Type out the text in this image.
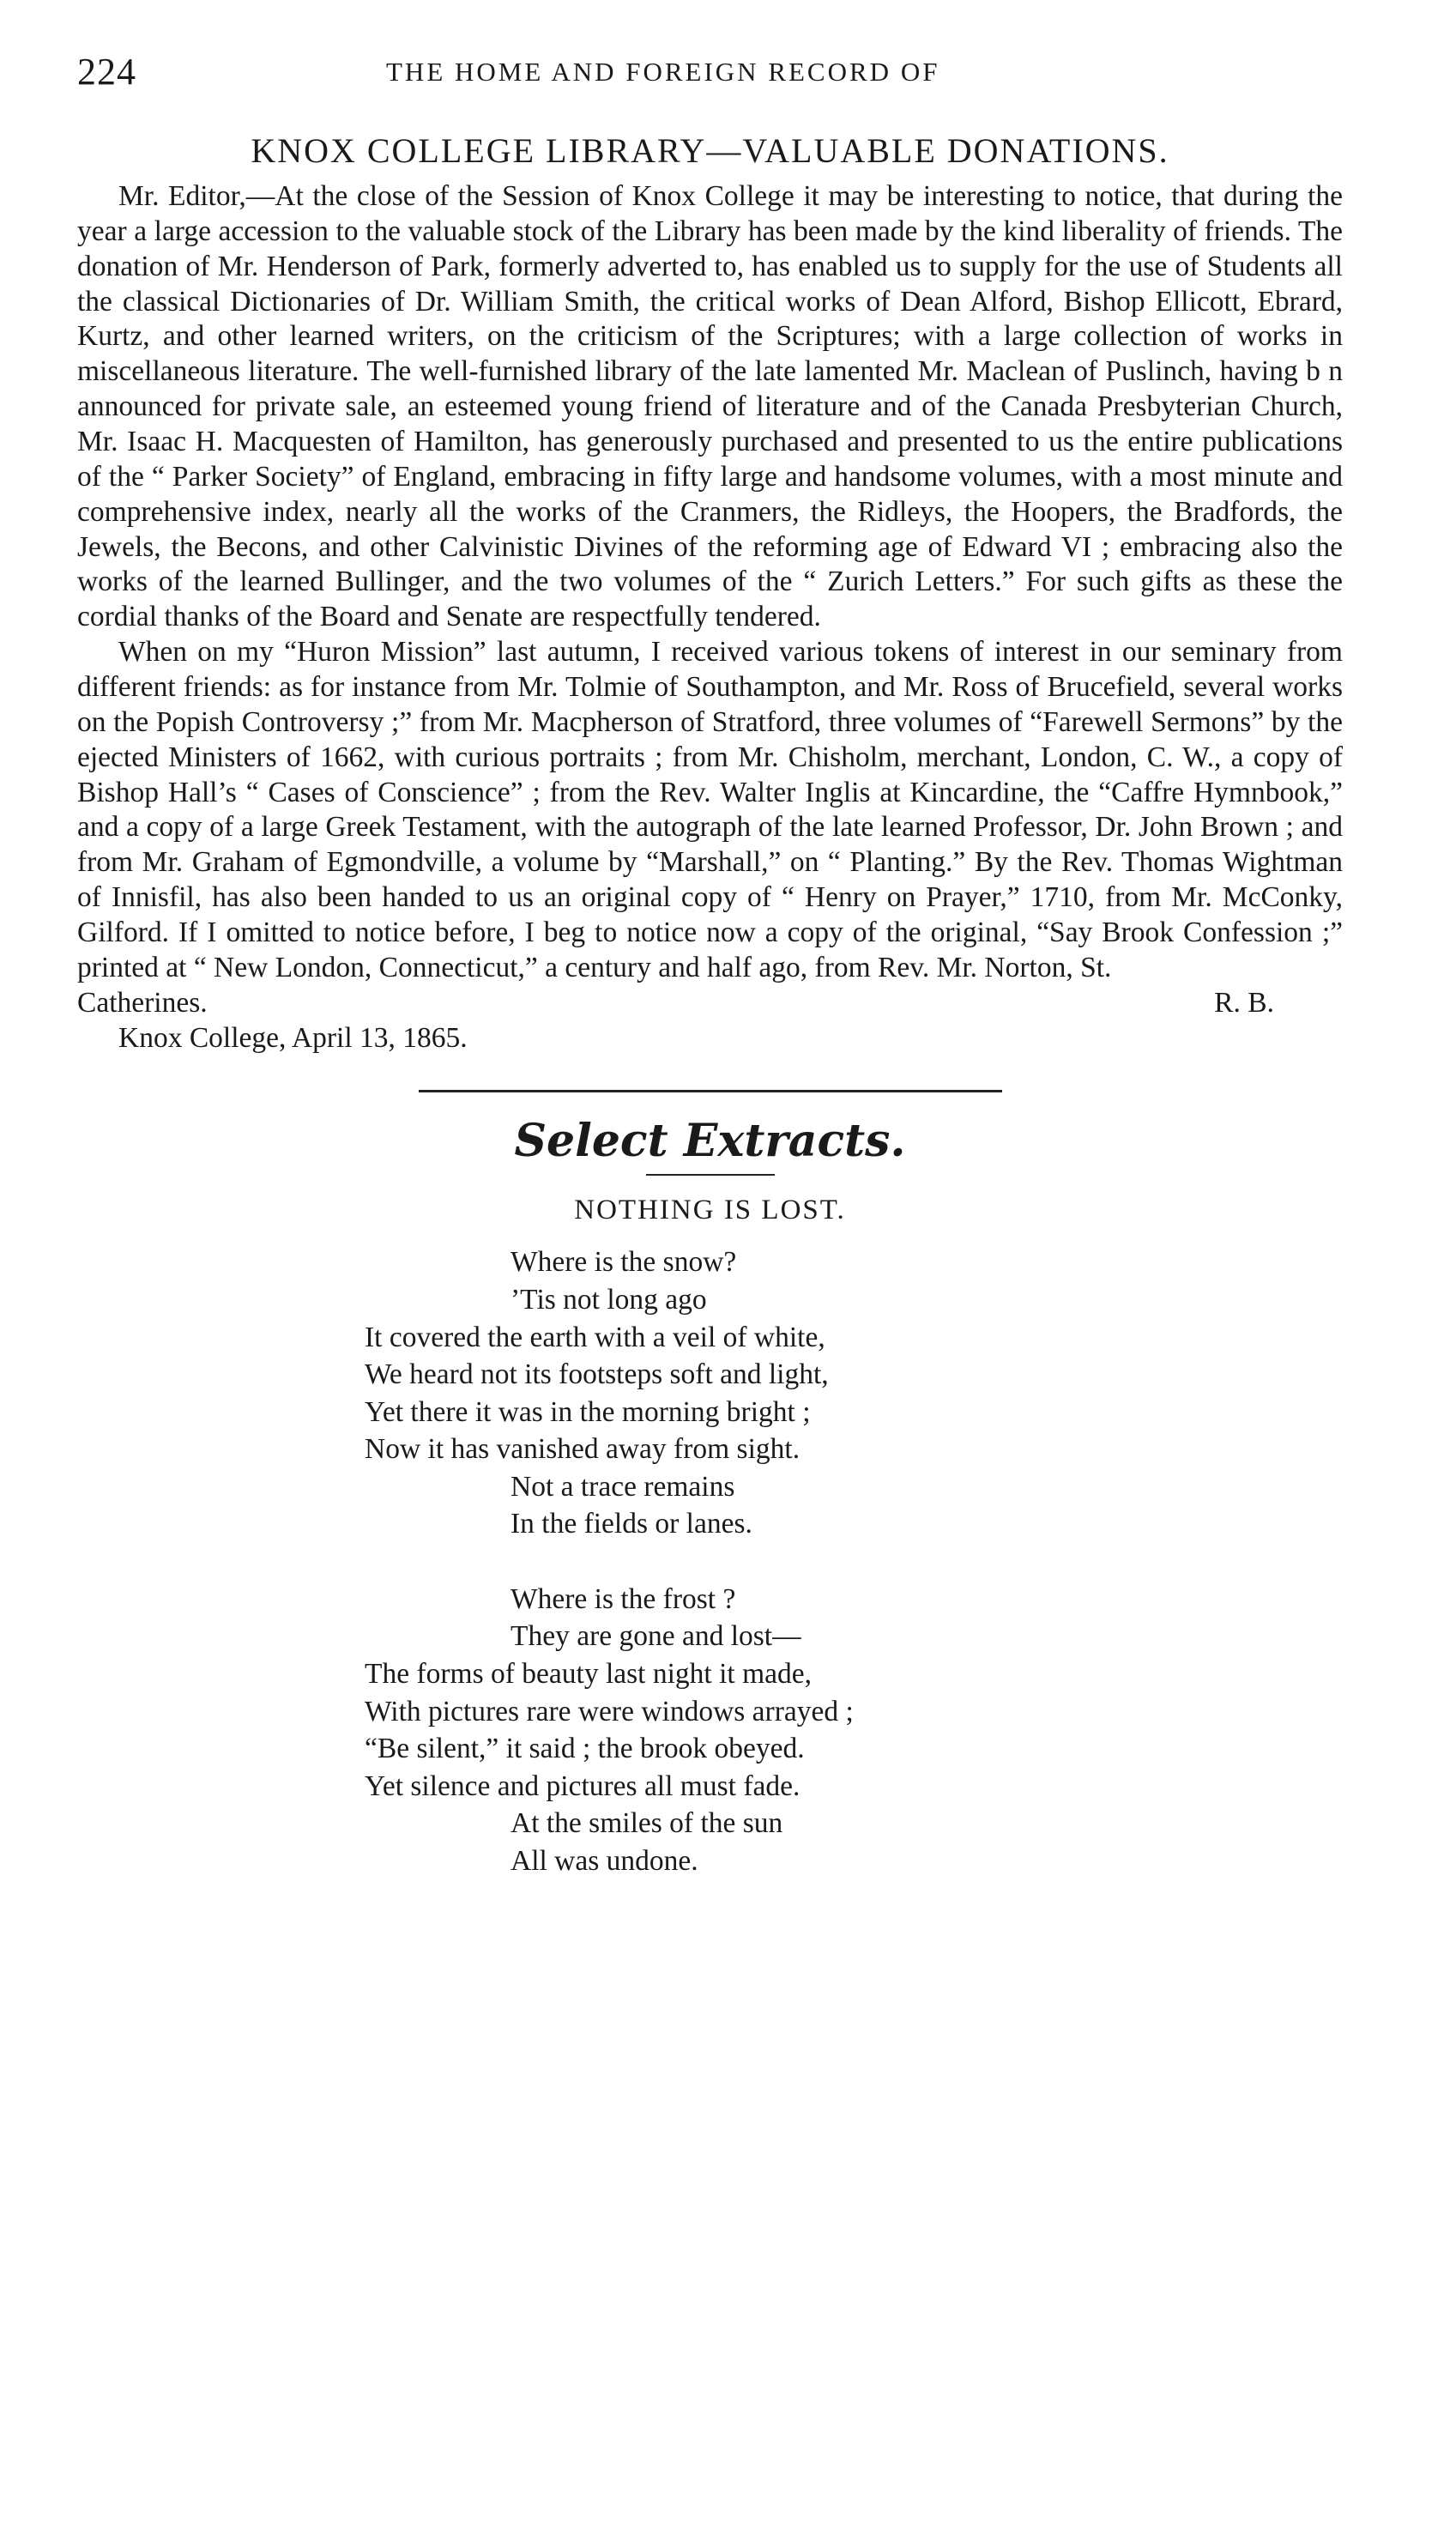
224	THE HOME AND FOREIGN RECORD OF
KNOX COLLEGE LIBRARY—VALUABLE DONATIONS.

Mr. Editor,—At the close of the Session of Knox College it may be interesting to notice, that during the year a large accession to the valuable stock of the Library has been made by the kind liberality of friends. The donation of Mr. Henderson of Park, formerly adverted to, has enabled us to supply for the use of Students all the classical Dictionaries of Dr. William Smith, the critical works of Dean Alford, Bishop Ellicott, Ebrard, Kurtz, and other learned writers, on the criticism of the Scriptures; with a large collection of works in miscellaneous literature. The well-furnished library of the late lamented Mr. Maclean of Puslinch, having b n announced for private sale, an esteemed young friend of literature and of the Canada Presbyterian Church, Mr. Isaac H. Macquesten of Hamilton, has generously purchased and presented to us the entire publications of the “ Parker Society” of England, embracing in fifty large and handsome volumes, with a most minute and comprehensive index, nearly all the works of the Cranmers, the Ridleys, the Hoopers, the Bradfords, the Jewels, the Becons, and other Calvinistic Divines of the reforming age of Edward VI ; embracing also the works of the learned Bullinger, and the two volumes of the “ Zurich Letters.” For such gifts as these the cordial thanks of the Board and Senate are respectfully tendered.

When on my “Huron Mission” last autumn, I received various tokens of interest in our seminary from different friends: as for instance from Mr. Tolmie of Southampton, and Mr. Ross of Brucefield, several works on the Popish Controversy ;” from Mr. Macpherson of Stratford, three volumes of “Farewell Sermons” by the ejected Ministers of 1662, with curious portraits ; from Mr. Chisholm, merchant, London, C. W., a copy of Bishop Hall’s “ Cases of Conscience” ; from the Rev. Walter Inglis at Kincardine, the “Caffre Hymnbook,” and a copy of a large Greek Testament, with the autograph of the late learned Professor, Dr. John Brown ; and from Mr. Graham of Egmondville, a volume by “Marshall,” on “ Planting.” By the Rev. Thomas Wightman of Innisfil, has also been handed to us an original copy of “ Henry on Prayer,” 1710, from Mr. McConky, Gilford. If I omitted to notice before, I beg to notice now a copy of the original, “Say Brook Confession ;” printed at “ New London, Connecticut,” a century and half ago, from Rev. Mr. Norton, St.

Catherines.	R. B.
Knox College, April 13, 1865.
Select Extracts.
NOTHING IS LOST.
Where is the snow?
’Tis not long ago
It covered the earth with a veil of white,
We heard not its footsteps soft and light,
Yet there it was in the morning bright ;
Now it has vanished away from sight.
Not a trace remains
In the fields or lanes.
Where is the frost ?
They are gone and lost—
The forms of beauty last night it made,
With pictures rare were windows arrayed ;
“Be silent,” it said ; the brook obeyed.
Yet silence and pictures all must fade.
At the smiles of the sun
All was undone.
